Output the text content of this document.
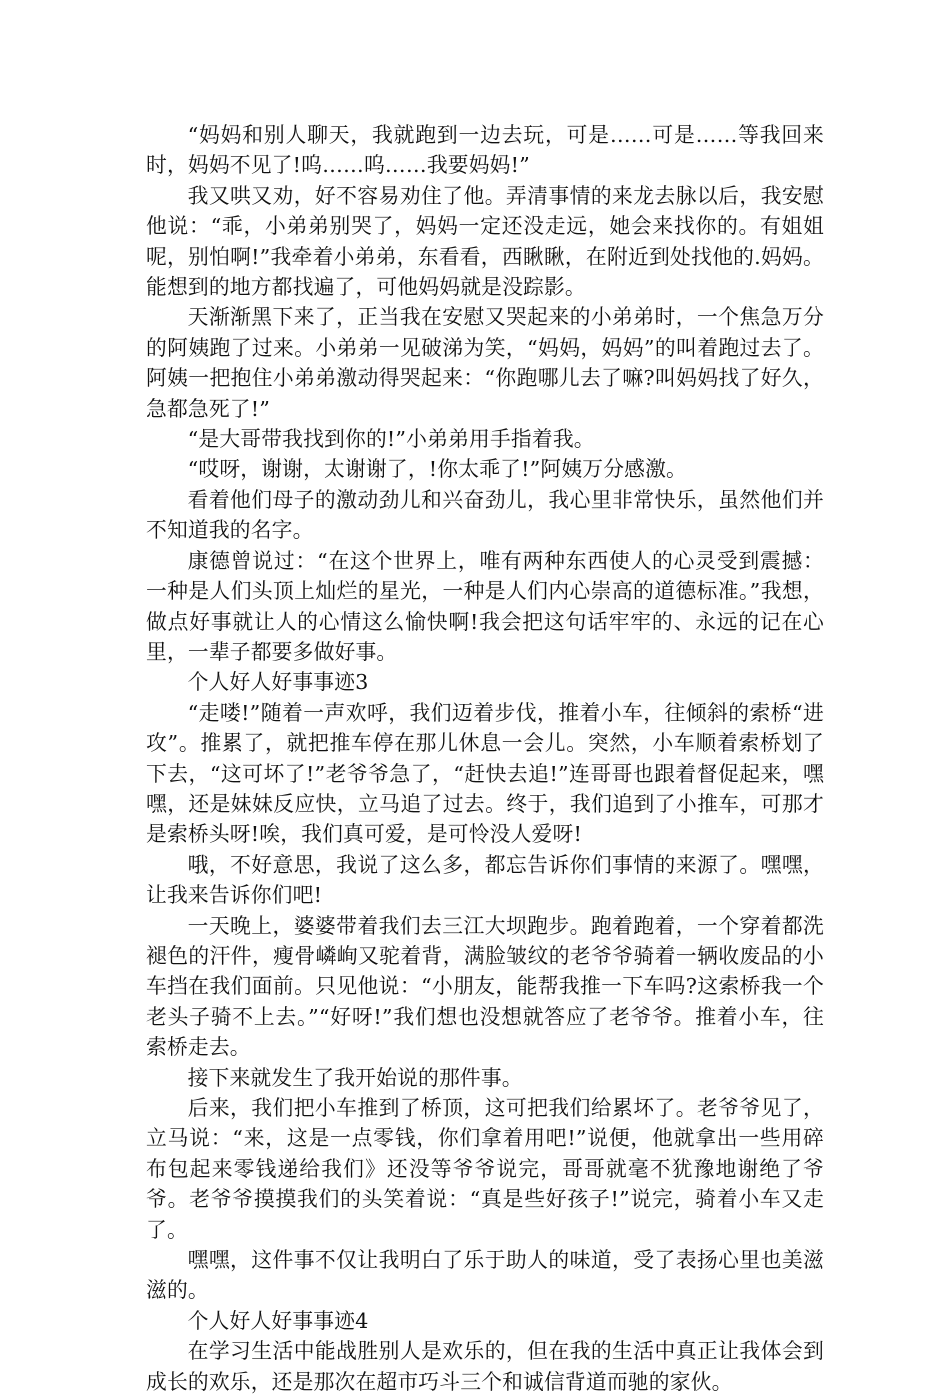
“妈妈和别人聊天，我就跑到一边去玩，可是……可是……等我回来时，妈妈不见了!呜……呜……我要妈妈!”

我又哄又劝，好不容易劝住了他。弄清事情的来龙去脉以后，我安慰他说：“乖，小弟弟别哭了，妈妈一定还没走远，她会来找你的。有姐姐呢，别怕啊!”我牵着小弟弟，东看看，西瞅瞅，在附近到处找他的.妈妈。能想到的地方都找遍了，可他妈妈就是没踪影。

天渐渐黑下来了，正当我在安慰又哭起来的小弟弟时，一个焦急万分的阿姨跑了过来。小弟弟一见破涕为笑，“妈妈，妈妈”的叫着跑过去了。阿姨一把抱住小弟弟激动得哭起来：“你跑哪儿去了嘛?叫妈妈找了好久，急都急死了!”

“是大哥带我找到你的!”小弟弟用手指着我。

“哎呀，谢谢，太谢谢了，!你太乖了!”阿姨万分感激。

看着他们母子的激动劲儿和兴奋劲儿，我心里非常快乐，虽然他们并不知道我的名字。

康德曾说过：“在这个世界上，唯有两种东西使人的心灵受到震撼：一种是人们头顶上灿烂的星光，一种是人们内心崇高的道德标准。”我想，做点好事就让人的心情这么愉快啊!我会把这句话牢牢的、永远的记在心里，一辈子都要多做好事。

个人好人好事事迹3

“走喽!”随着一声欢呼，我们迈着步伐，推着小车，往倾斜的索桥“进攻”。推累了，就把推车停在那儿休息一会儿。突然，小车顺着索桥划了下去，“这可坏了!”老爷爷急了，“赶快去追!”连哥哥也跟着督促起来，嘿嘿，还是妹妹反应快，立马追了过去。终于，我们追到了小推车，可那才是索桥头呀!唉，我们真可爱，是可怜没人爱呀!

哦，不好意思，我说了这么多，都忘告诉你们事情的来源了。嘿嘿，让我来告诉你们吧!

一天晚上，婆婆带着我们去三江大坝跑步。跑着跑着，一个穿着都洗褪色的汗件，瘦骨嶙峋又驼着背，满脸皱纹的老爷爷骑着一辆收废品的小车挡在我们面前。只见他说：“小朋友，能帮我推一下车吗?这索桥我一个老头子骑不上去。”“好呀!”我们想也没想就答应了老爷爷。推着小车，往索桥走去。

接下来就发生了我开始说的那件事。

后来，我们把小车推到了桥顶，这可把我们给累坏了。老爷爷见了，立马说：“来，这是一点零钱，你们拿着用吧!”说便，他就拿出一些用碎布包起来零钱递给我们》还没等爷爷说完，哥哥就毫不犹豫地谢绝了爷爷。老爷爷摸摸我们的头笑着说：“真是些好孩子!”说完，骑着小车又走了。

嘿嘿，这件事不仅让我明白了乐于助人的味道，受了表扬心里也美滋滋的。

个人好人好事事迹4

在学习生活中能战胜别人是欢乐的，但在我的生活中真正让我体会到成长的欢乐，还是那次在超市巧斗三个和诚信背道而驰的家伙。
